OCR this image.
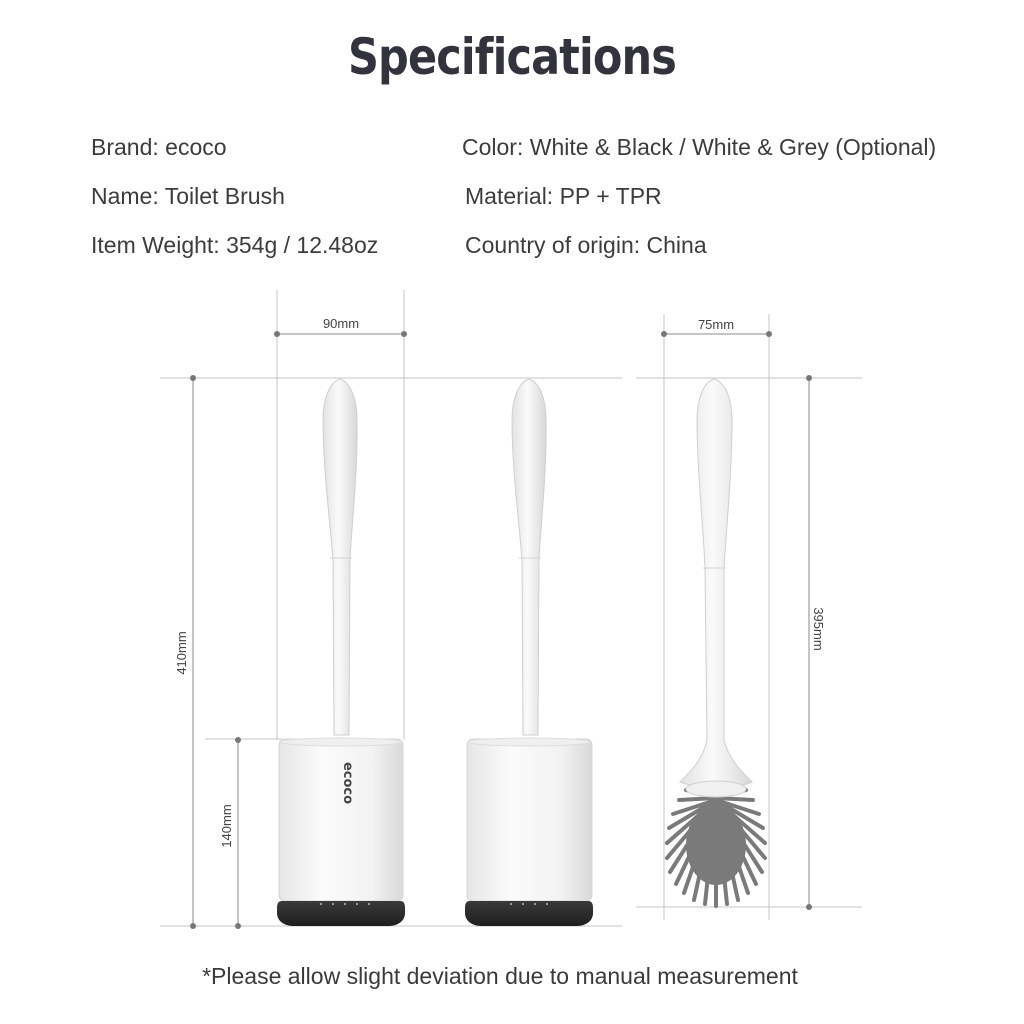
Specifications
Brand: ecoco
Name: Toilet Brush
Item Weight: 354g / 12.48oz
Color: White & Black / White & Grey (Optional)
Material: PP + TPR
Country of origin: China
90mm	75mm
410mm
140mm
395mm
ecoco
*Please allow slight deviation due to manual measurement
